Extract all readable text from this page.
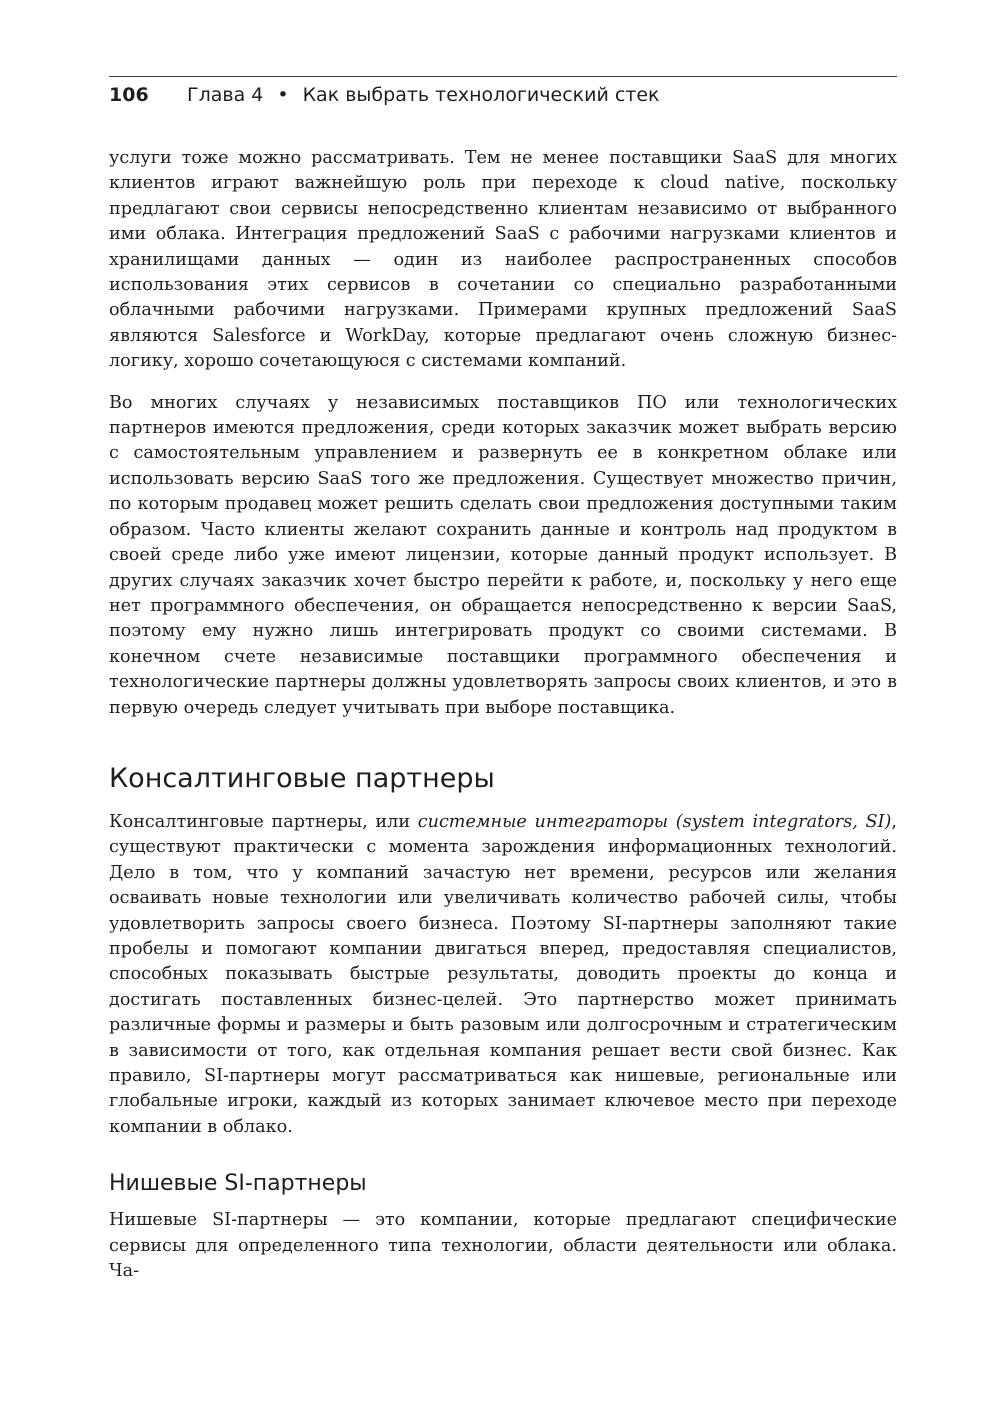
106	Глава 4 • Как выбрать технологический стек

услуги тоже можно рассматривать. Тем не менее поставщики SaaS для многих клиентов играют важнейшую роль при переходе к cloud native, поскольку предлагают свои сервисы непосредственно клиентам независимо от выбранного ими облака. Интеграция предложений SaaS с рабочими нагрузками клиентов и хранилищами данных — один из наиболее распространенных способов использования этих сервисов в сочетании со специально разработанными облачными рабочими нагрузками. Примерами крупных предложений SaaS являются Salesforce и WorkDay, которые предлагают очень сложную бизнес-логику, хорошо сочетающуюся с системами компаний.

Во многих случаях у независимых поставщиков ПО или технологических партнеров имеются предложения, среди которых заказчик может выбрать версию с самостоятельным управлением и развернуть ее в конкретном облаке или использовать версию SaaS того же предложения. Существует множество причин, по которым продавец может решить сделать свои предложения доступными таким образом. Часто клиенты желают сохранить данные и контроль над продуктом в своей среде либо уже имеют лицензии, которые данный продукт использует. В других случаях заказчик хочет быстро перейти к работе, и, поскольку у него еще нет программного обеспечения, он обращается непосредственно к версии SaaS, поэтому ему нужно лишь интегрировать продукт со своими системами. В конечном счете независимые поставщики программного обеспечения и технологические партнеры должны удовлетворять запросы своих клиентов, и это в первую очередь следует учитывать при выборе поставщика.

Консалтинговые партнеры

Консалтинговые партнеры, или системные интеграторы (system integrators, SI), существуют практически с момента зарождения информационных технологий. Дело в том, что у компаний зачастую нет времени, ресурсов или желания осваивать новые технологии или увеличивать количество рабочей силы, чтобы удовлетворить запросы своего бизнеса. Поэтому SI-партнеры заполняют такие пробелы и помогают компании двигаться вперед, предоставляя специалистов, способных показывать быстрые результаты, доводить проекты до конца и достигать поставленных бизнес-целей. Это партнерство может принимать различные формы и размеры и быть разовым или долгосрочным и стратегическим в зависимости от того, как отдельная компания решает вести свой бизнес. Как правило, SI-партнеры могут рассматриваться как нишевые, региональные или глобальные игроки, каждый из которых занимает ключевое место при переходе компании в облако.

Нишевые SI-партнеры

Нишевые SI-партнеры — это компании, которые предлагают специфические сервисы для определенного типа технологии, области деятельности или облака. Ча-
